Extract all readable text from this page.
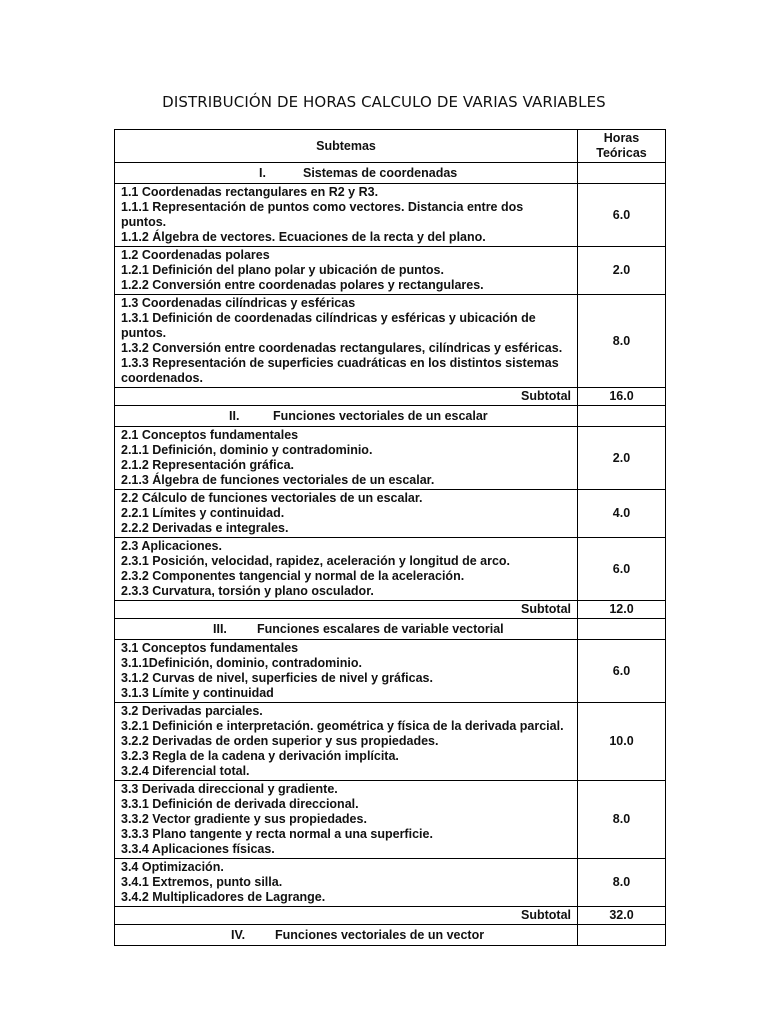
DISTRIBUCIÓN DE HORAS CALCULO DE VARIAS VARIABLES
Subtemas	Horas
Teóricas

I. Sistemas de coordenadas	

1.1 Coordenadas rectangulares en R2 y R3.
1.1.1 Representación de puntos como vectores. Distancia entre dos puntos.
1.1.2 Álgebra de vectores. Ecuaciones de la recta y del plano.	6.0

1.2 Coordenadas polares
1.2.1 Definición del plano polar y ubicación de puntos.
1.2.2 Conversión entre coordenadas polares y rectangulares.	2.0

1.3 Coordenadas cilíndricas y esféricas
1.3.1 Definición de coordenadas cilíndricas y esféricas y ubicación de puntos.
1.3.2 Conversión entre coordenadas rectangulares, cilíndricas y esféricas.
1.3.3 Representación de superficies cuadráticas en los distintos sistemas coordenados.	8.0
Subtotal	16.0

II. Funciones vectoriales de un escalar	

2.1 Conceptos fundamentales
2.1.1 Definición, dominio y contradominio.
2.1.2 Representación gráfica.
2.1.3 Álgebra de funciones vectoriales de un escalar.	2.0

2.2 Cálculo de funciones vectoriales de un escalar.
2.2.1 Límites y continuidad.
2.2.2 Derivadas e integrales.	4.0

2.3 Aplicaciones.
2.3.1 Posición, velocidad, rapidez, aceleración y longitud de arco.
2.3.2 Componentes tangencial y normal de la aceleración.
2.3.3 Curvatura, torsión y plano osculador.	6.0
Subtotal	12.0

III. Funciones escalares de variable vectorial	

3.1 Conceptos fundamentales
3.1.1Definición, dominio, contradominio.
3.1.2 Curvas de nivel, superficies de nivel y gráficas.
3.1.3 Límite y continuidad	6.0

3.2 Derivadas parciales.
3.2.1 Definición e interpretación. geométrica y física de la derivada parcial.
3.2.2 Derivadas de orden superior y sus propiedades.
3.2.3 Regla de la cadena y derivación implícita.
3.2.4 Diferencial total.	10.0

3.3 Derivada direccional y gradiente.
3.3.1 Definición de derivada direccional.
3.3.2 Vector gradiente y sus propiedades.
3.3.3 Plano tangente y recta normal a una superficie.
3.3.4 Aplicaciones físicas.	8.0

3.4 Optimización.
3.4.1 Extremos, punto silla.
3.4.2 Multiplicadores de Lagrange.	8.0
Subtotal	32.0

IV. Funciones vectoriales de un vector	
